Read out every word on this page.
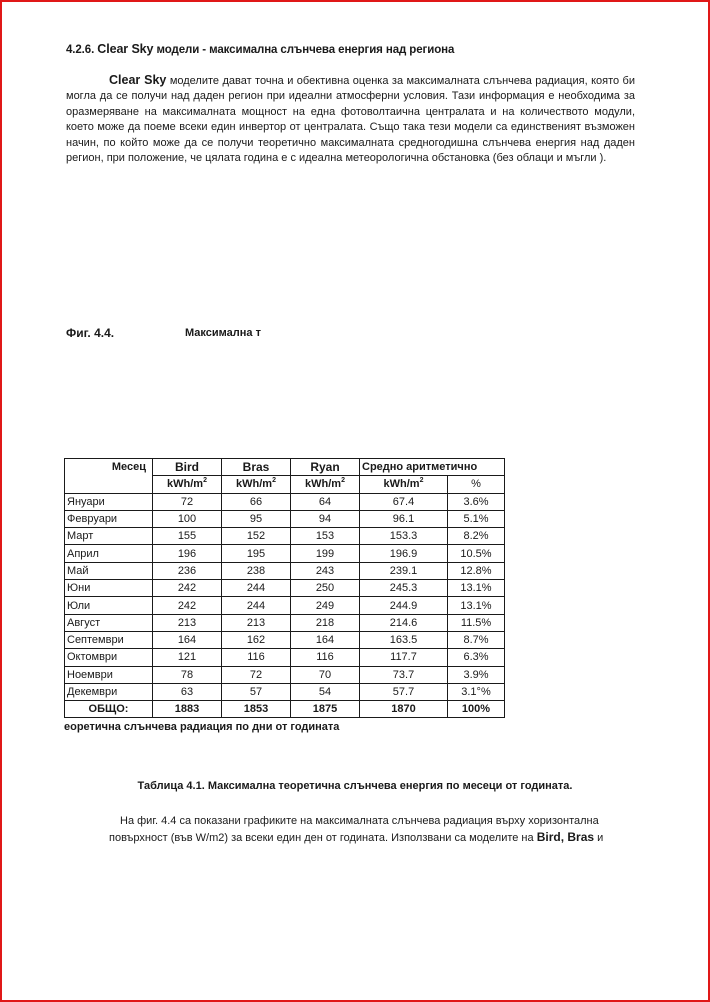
4.2.6. Clear Sky модели - максимална слънчева енергия над региона

Clear Sky моделите дават точна и обективна оценка за максималната слънчева радиация, която би могла да се получи над даден регион при идеални атмосферни условия. Тази информация е необходима за оразмеряване на максималната мощност на една фотоволтаична централата и на количеството модули, което може да поеме всеки един инвертор от централата. Също така тези модели са единственият възможен начин, по който може да се получи теоретично максималната средногодишна слънчева енергия над даден регион, при положение, че цялата година е с идеална метеорологична обстановка (без облаци и мъгли ).

Фиг. 4.4.	Максимална т
Месец	Bird	Bras	Ryan	Средно аритметично	
	kWh/$m^2$	kWh/$m^2$	kWh/$m^2$	kWh/$m^2$	%
Януари	72	66	64	67.4	3.6%
Февруари	100	95	94	96.1	5.1%
Март	155	152	153	153.3	8.2%
Април	196	195	199	196.9	10.5%
Май	236	238	243	239.1	12.8%
Юни	242	244	250	245.3	13.1%
Юли	242	244	249	244.9	13.1%
Август	213	213	218	214.6	11.5%
Септември	164	162	164	163.5	8.7%
Октомври	121	116	116	117.7	6.3%
Ноември	78	72	70	73.7	3.9%
Декември	63	57	54	57.7	3.1°%
ОБЩО:	1883	1853	1875	1870	100%
еоретична слънчева радиация по дни от годината
Таблица 4.1. Максимална теоретична слънчева енергия по месеци от годината.

На фиг. 4.4 са показани графиките на максималната слънчева радиация върху хоризонтална
повърхност (във W/m2) за всеки един ден от годината. Използвани са моделите на Bird, Bras и
